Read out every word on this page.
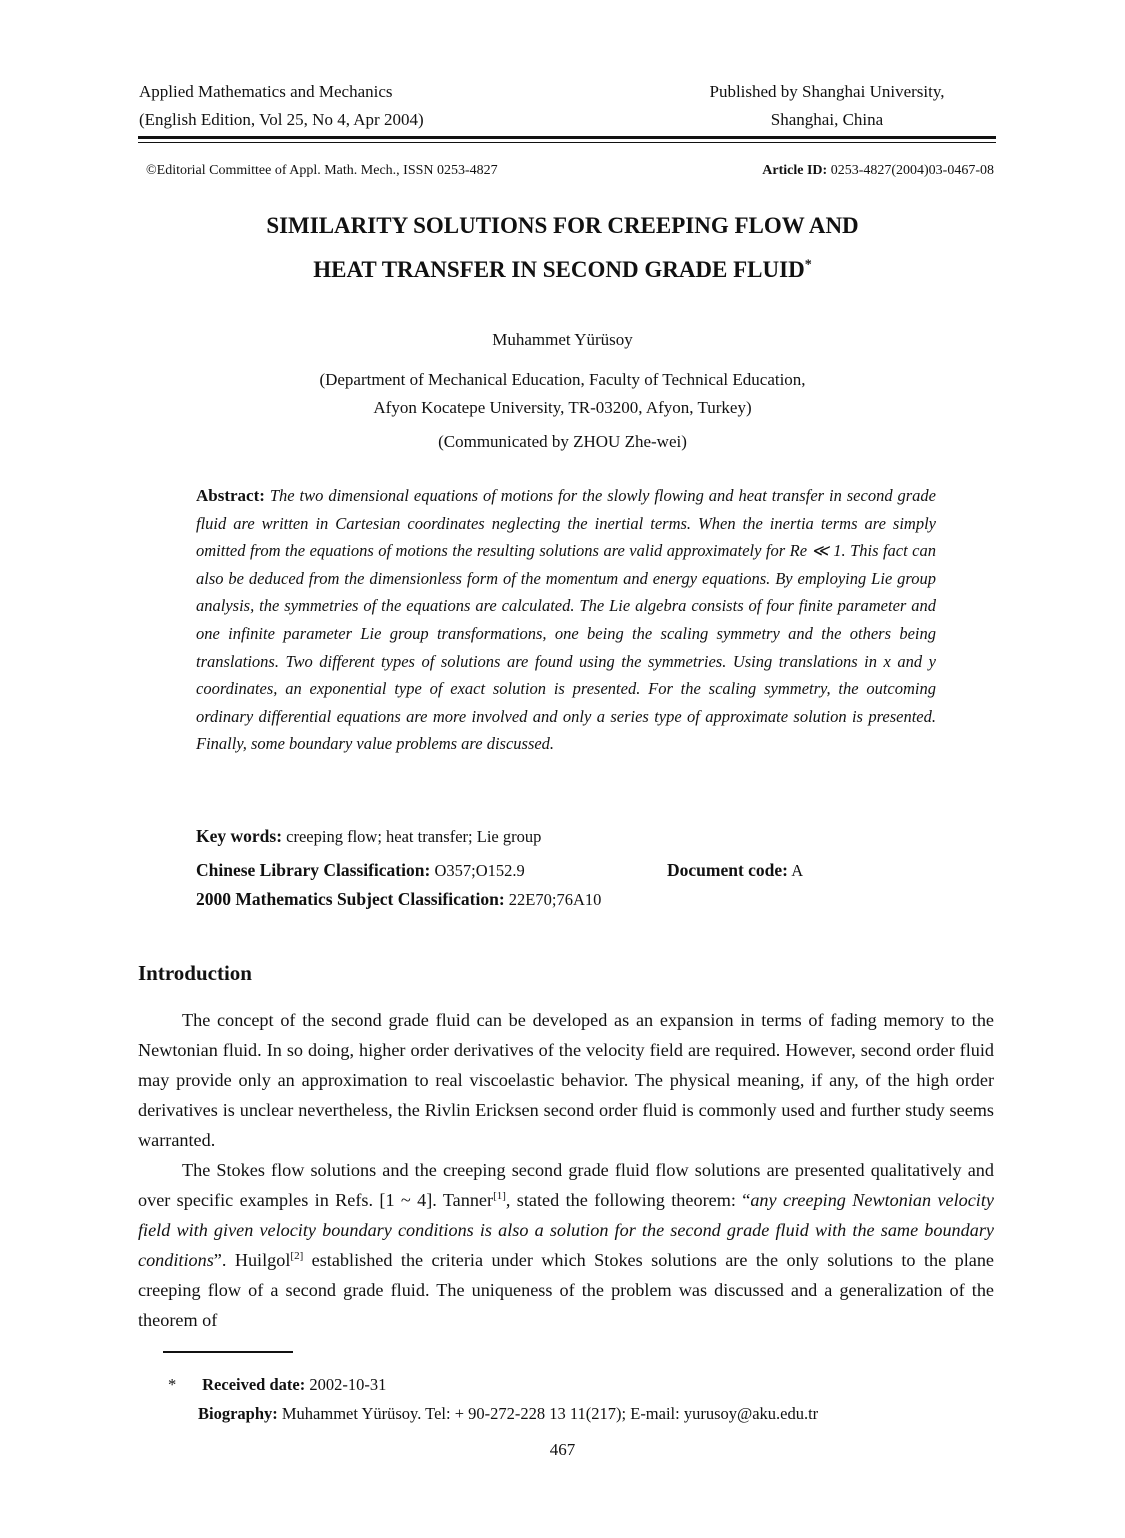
Applied Mathematics and Mechanics
(English Edition, Vol 25, No 4, Apr 2004)
Published by Shanghai University,
Shanghai, China
©Editorial Committee of Appl. Math. Mech., ISSN 0253-4827	Article ID: 0253-4827(2004)03-0467-08
SIMILARITY SOLUTIONS FOR CREEPING FLOW AND
HEAT TRANSFER IN SECOND GRADE FLUID*
Muhammet Yürüsoy
(Department of Mechanical Education, Faculty of Technical Education,
Afyon Kocatepe University, TR-03200, Afyon, Turkey)
(Communicated by ZHOU Zhe-wei)
Abstract: The two dimensional equations of motions for the slowly flowing and heat transfer in second grade fluid are written in Cartesian coordinates neglecting the inertial terms. When the inertia terms are simply omitted from the equations of motions the resulting solutions are valid approximately for Re ≪ 1. This fact can also be deduced from the dimensionless form of the momentum and energy equations. By employing Lie group analysis, the symmetries of the equations are calculated. The Lie algebra consists of four finite parameter and one infinite parameter Lie group transformations, one being the scaling symmetry and the others being translations. Two different types of solutions are found using the symmetries. Using translations in x and y coordinates, an exponential type of exact solution is presented. For the scaling symmetry, the outcoming ordinary differential equations are more involved and only a series type of approximate solution is presented. Finally, some boundary value problems are discussed.
Key words: creeping flow; heat transfer; Lie group
Chinese Library Classification: O357;O152.9	Document code: A
2000 Mathematics Subject Classification: 22E70;76A10
Introduction
The concept of the second grade fluid can be developed as an expansion in terms of fading memory to the Newtonian fluid. In so doing, higher order derivatives of the velocity field are required. However, second order fluid may provide only an approximation to real viscoelastic behavior. The physical meaning, if any, of the high order derivatives is unclear nevertheless, the Rivlin Ericksen second order fluid is commonly used and further study seems warranted.
The Stokes flow solutions and the creeping second grade fluid flow solutions are presented qualitatively and over specific examples in Refs. [1 ~ 4]. Tanner[1], stated the following theorem: “any creeping Newtonian velocity field with given velocity boundary conditions is also a solution for the second grade fluid with the same boundary conditions”. Huilgol[2] established the criteria under which Stokes solutions are the only solutions to the plane creeping flow of a second grade fluid. The uniqueness of the problem was discussed and a generalization of the theorem of
* Received date: 2002-10-31
Biography: Muhammet Yürüsoy. Tel: + 90-272-228 13 11(217); E-mail: yurusoy@aku.edu.tr
467
